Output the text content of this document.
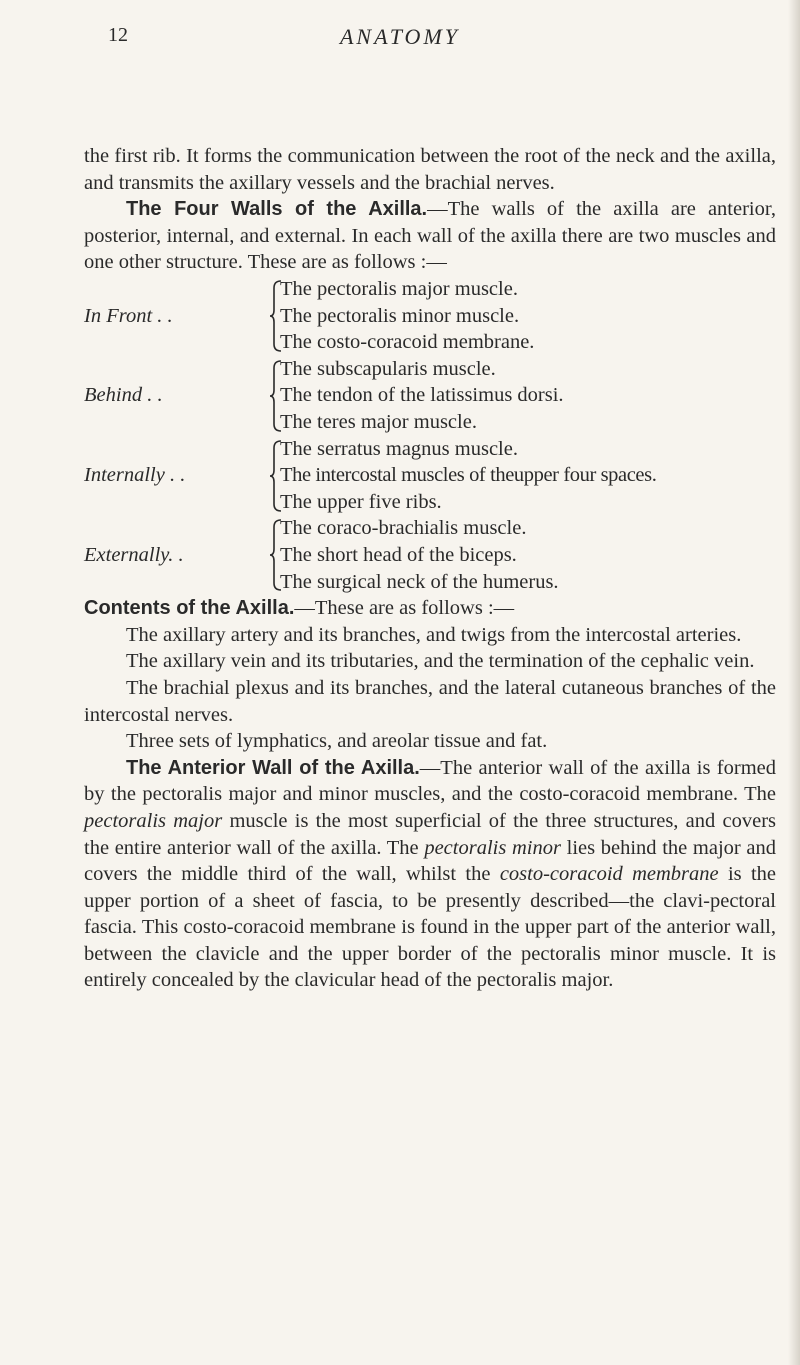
12	ANATOMY

the first rib. It forms the communication between the root of the neck and the axilla, and transmits the axillary vessels and the brachial nerves.

The Four Walls of the Axilla.—The walls of the axilla are anterior, posterior, internal, and external. In each wall of the axilla there are two muscles and one other structure. These are as follows :—

In Front . .
The pectoralis major muscle.
The pectoralis minor muscle.
The costo-coracoid membrane.
Behind . .
The subscapularis muscle.
The tendon of the latissimus dorsi.
The teres major muscle.
Internally . .
The serratus magnus muscle.
The intercostal muscles of theupper four spaces.
The upper five ribs.
Externally. .
The coraco-brachialis muscle.
The short head of the biceps.
The surgical neck of the humerus.

Contents of the Axilla.—These are as follows :—

The axillary artery and its branches, and twigs from the intercostal arteries.

The axillary vein and its tributaries, and the termination of the cephalic vein.

The brachial plexus and its branches, and the lateral cutaneous branches of the intercostal nerves.

Three sets of lymphatics, and areolar tissue and fat.

The Anterior Wall of the Axilla.—The anterior wall of the axilla is formed by the pectoralis major and minor muscles, and the costo-coracoid membrane. The pectoralis major muscle is the most superficial of the three structures, and covers the entire anterior wall of the axilla. The pectoralis minor lies behind the major and covers the middle third of the wall, whilst the costo-coracoid membrane is the upper portion of a sheet of fascia, to be presently described—the clavi-pectoral fascia. This costo-coracoid membrane is found in the upper part of the anterior wall, between the clavicle and the upper border of the pectoralis minor muscle. It is entirely concealed by the clavicular head of the pectoralis major.
